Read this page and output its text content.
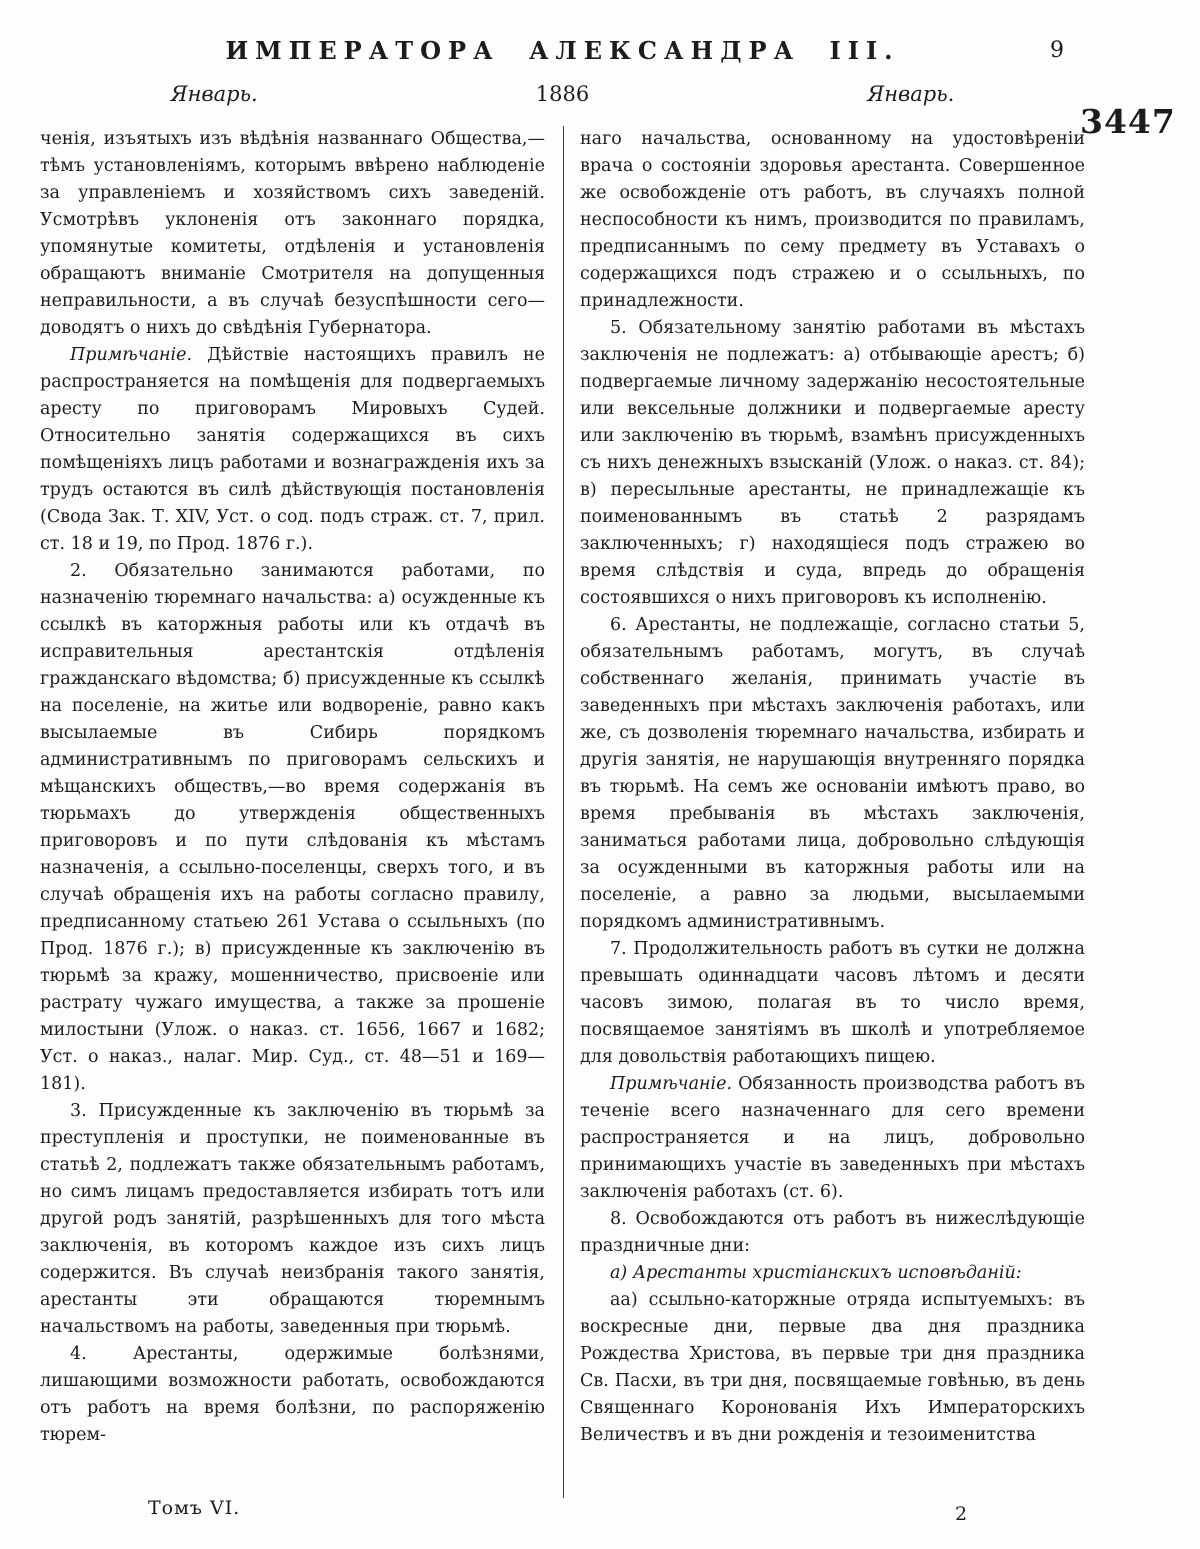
ИМПЕРАТОРА АЛЕКСАНДРА III.	9
3447
Январь.	1886	Январь.

ченія, изъятыхъ изъ вѣдѣнія названнаго Общества,—тѣмъ установленіямъ, которымъ ввѣрено наблюденіе за управленіемъ и хозяйствомъ сихъ заведеній. Усмотрѣвъ уклоненія отъ законнаго порядка, упомянутые комитеты, отдѣленія и установленія обращаютъ вниманіе Смотрителя на допущенныя неправильности, а въ случаѣ безуспѣшности сего—доводятъ о нихъ до свѣдѣнія Губернатора.

Примѣчаніе. Дѣйствіе настоящихъ правилъ не распространяется на помѣщенія для подвергаемыхъ аресту по приговорамъ Мировыхъ Судей. Относительно занятія содержащихся въ сихъ помѣщеніяхъ лицъ работами и вознагражденія ихъ за трудъ остаются въ силѣ дѣйствующія постановленія (Свода Зак. Т. XIV, Уст. о сод. подъ страж. ст. 7, прил. ст. 18 и 19, по Прод. 1876 г.).

2. Обязательно занимаются работами, по назначенію тюремнаго начальства: а) осужденные къ ссылкѣ въ каторжныя работы или къ отдачѣ въ исправительныя арестантскія отдѣленія гражданскаго вѣдомства; б) присужденные къ ссылкѣ на поселеніе, на житье или водвореніе, равно какъ высылаемые въ Сибирь порядкомъ административнымъ по приговорамъ сельскихъ и мѣщанскихъ обществъ,—во время содержанія въ тюрьмахъ до утвержденія общественныхъ приговоровъ и по пути слѣдованія къ мѣстамъ назначенія, а ссыльно-поселенцы, сверхъ того, и въ случаѣ обращенія ихъ на работы согласно правилу, предписанному статьею 261 Устава о ссыльныхъ (по Прод. 1876 г.); в) присужденные къ заключенію въ тюрьмѣ за кражу, мошенничество, присвоеніе или растрату чужаго имущества, а также за прошеніе милостыни (Улож. о наказ. ст. 1656, 1667 и 1682; Уст. о наказ., налаг. Мир. Суд., ст. 48—51 и 169—181).

3. Присужденные къ заключенію въ тюрьмѣ за преступленія и проступки, не поименованные въ статьѣ 2, подлежатъ также обязательнымъ работамъ, но симъ лицамъ предоставляется избирать тотъ или другой родъ занятій, разрѣшенныхъ для того мѣста заключенія, въ которомъ каждое изъ сихъ лицъ содержится. Въ случаѣ неизбранія такого занятія, арестанты эти обращаются тюремнымъ начальствомъ на работы, заведенныя при тюрьмѣ.

4. Арестанты, одержимые болѣзнями, лишающими возможности работать, освобождаются отъ работъ на время болѣзни, по распоряженію тюрем-

наго начальства, основанному на удостовѣреніи врача о состояніи здоровья арестанта. Совершенное же освобожденіе отъ работъ, въ случаяхъ полной неспособности къ нимъ, производится по правиламъ, предписаннымъ по сему предмету въ Уставахъ о содержащихся подъ стражею и о ссыльныхъ, по принадлежности.

5. Обязательному занятію работами въ мѣстахъ заключенія не подлежатъ: а) отбывающіе арестъ; б) подвергаемые личному задержанію несостоятельные или вексельные должники и подвергаемые аресту или заключенію въ тюрьмѣ, взамѣнъ присужденныхъ съ нихъ денежныхъ взысканій (Улож. о наказ. ст. 84); в) пересыльные арестанты, не принадлежащіе къ поименованнымъ въ статьѣ 2 разрядамъ заключенныхъ; г) находящіеся подъ стражею во время слѣдствія и суда, впредь до обращенія состоявшихся о нихъ приговоровъ къ исполненію.

6. Арестанты, не подлежащіе, согласно статьи 5, обязательнымъ работамъ, могутъ, въ случаѣ собственнаго желанія, принимать участіе въ заведенныхъ при мѣстахъ заключенія работахъ, или же, съ дозволенія тюремнаго начальства, избирать и другія занятія, не нарушающія внутренняго порядка въ тюрьмѣ. На семъ же основаніи имѣютъ право, во время пребыванія въ мѣстахъ заключенія, заниматься работами лица, добровольно слѣдующія за осужденными въ каторжныя работы или на поселеніе, а равно за людьми, высылаемыми порядкомъ административнымъ.

7. Продолжительность работъ въ сутки не должна превышать одиннадцати часовъ лѣтомъ и десяти часовъ зимою, полагая въ то число время, посвящаемое занятіямъ въ школѣ и употребляемое для довольствія работающихъ пищею.

Примѣчаніе. Обязанность производства работъ въ теченіе всего назначеннаго для сего времени распространяется и на лицъ, добровольно принимающихъ участіе въ заведенныхъ при мѣстахъ заключенія работахъ (ст. 6).

8. Освобождаются отъ работъ въ нижеслѣдующіе праздничные дни:

а) Арестанты христіанскихъ исповѣданій:

аа) ссыльно-каторжные отряда испытуемыхъ: въ воскресные дни, первые два дня праздника Рождества Христова, въ первые три дня праздника Св. Пасхи, въ три дня, посвящаемые говѣнью, въ день Священнаго Коронованія Ихъ Императорскихъ Величествъ и въ дни рожденія и тезоименитства

Томъ VI.	2
